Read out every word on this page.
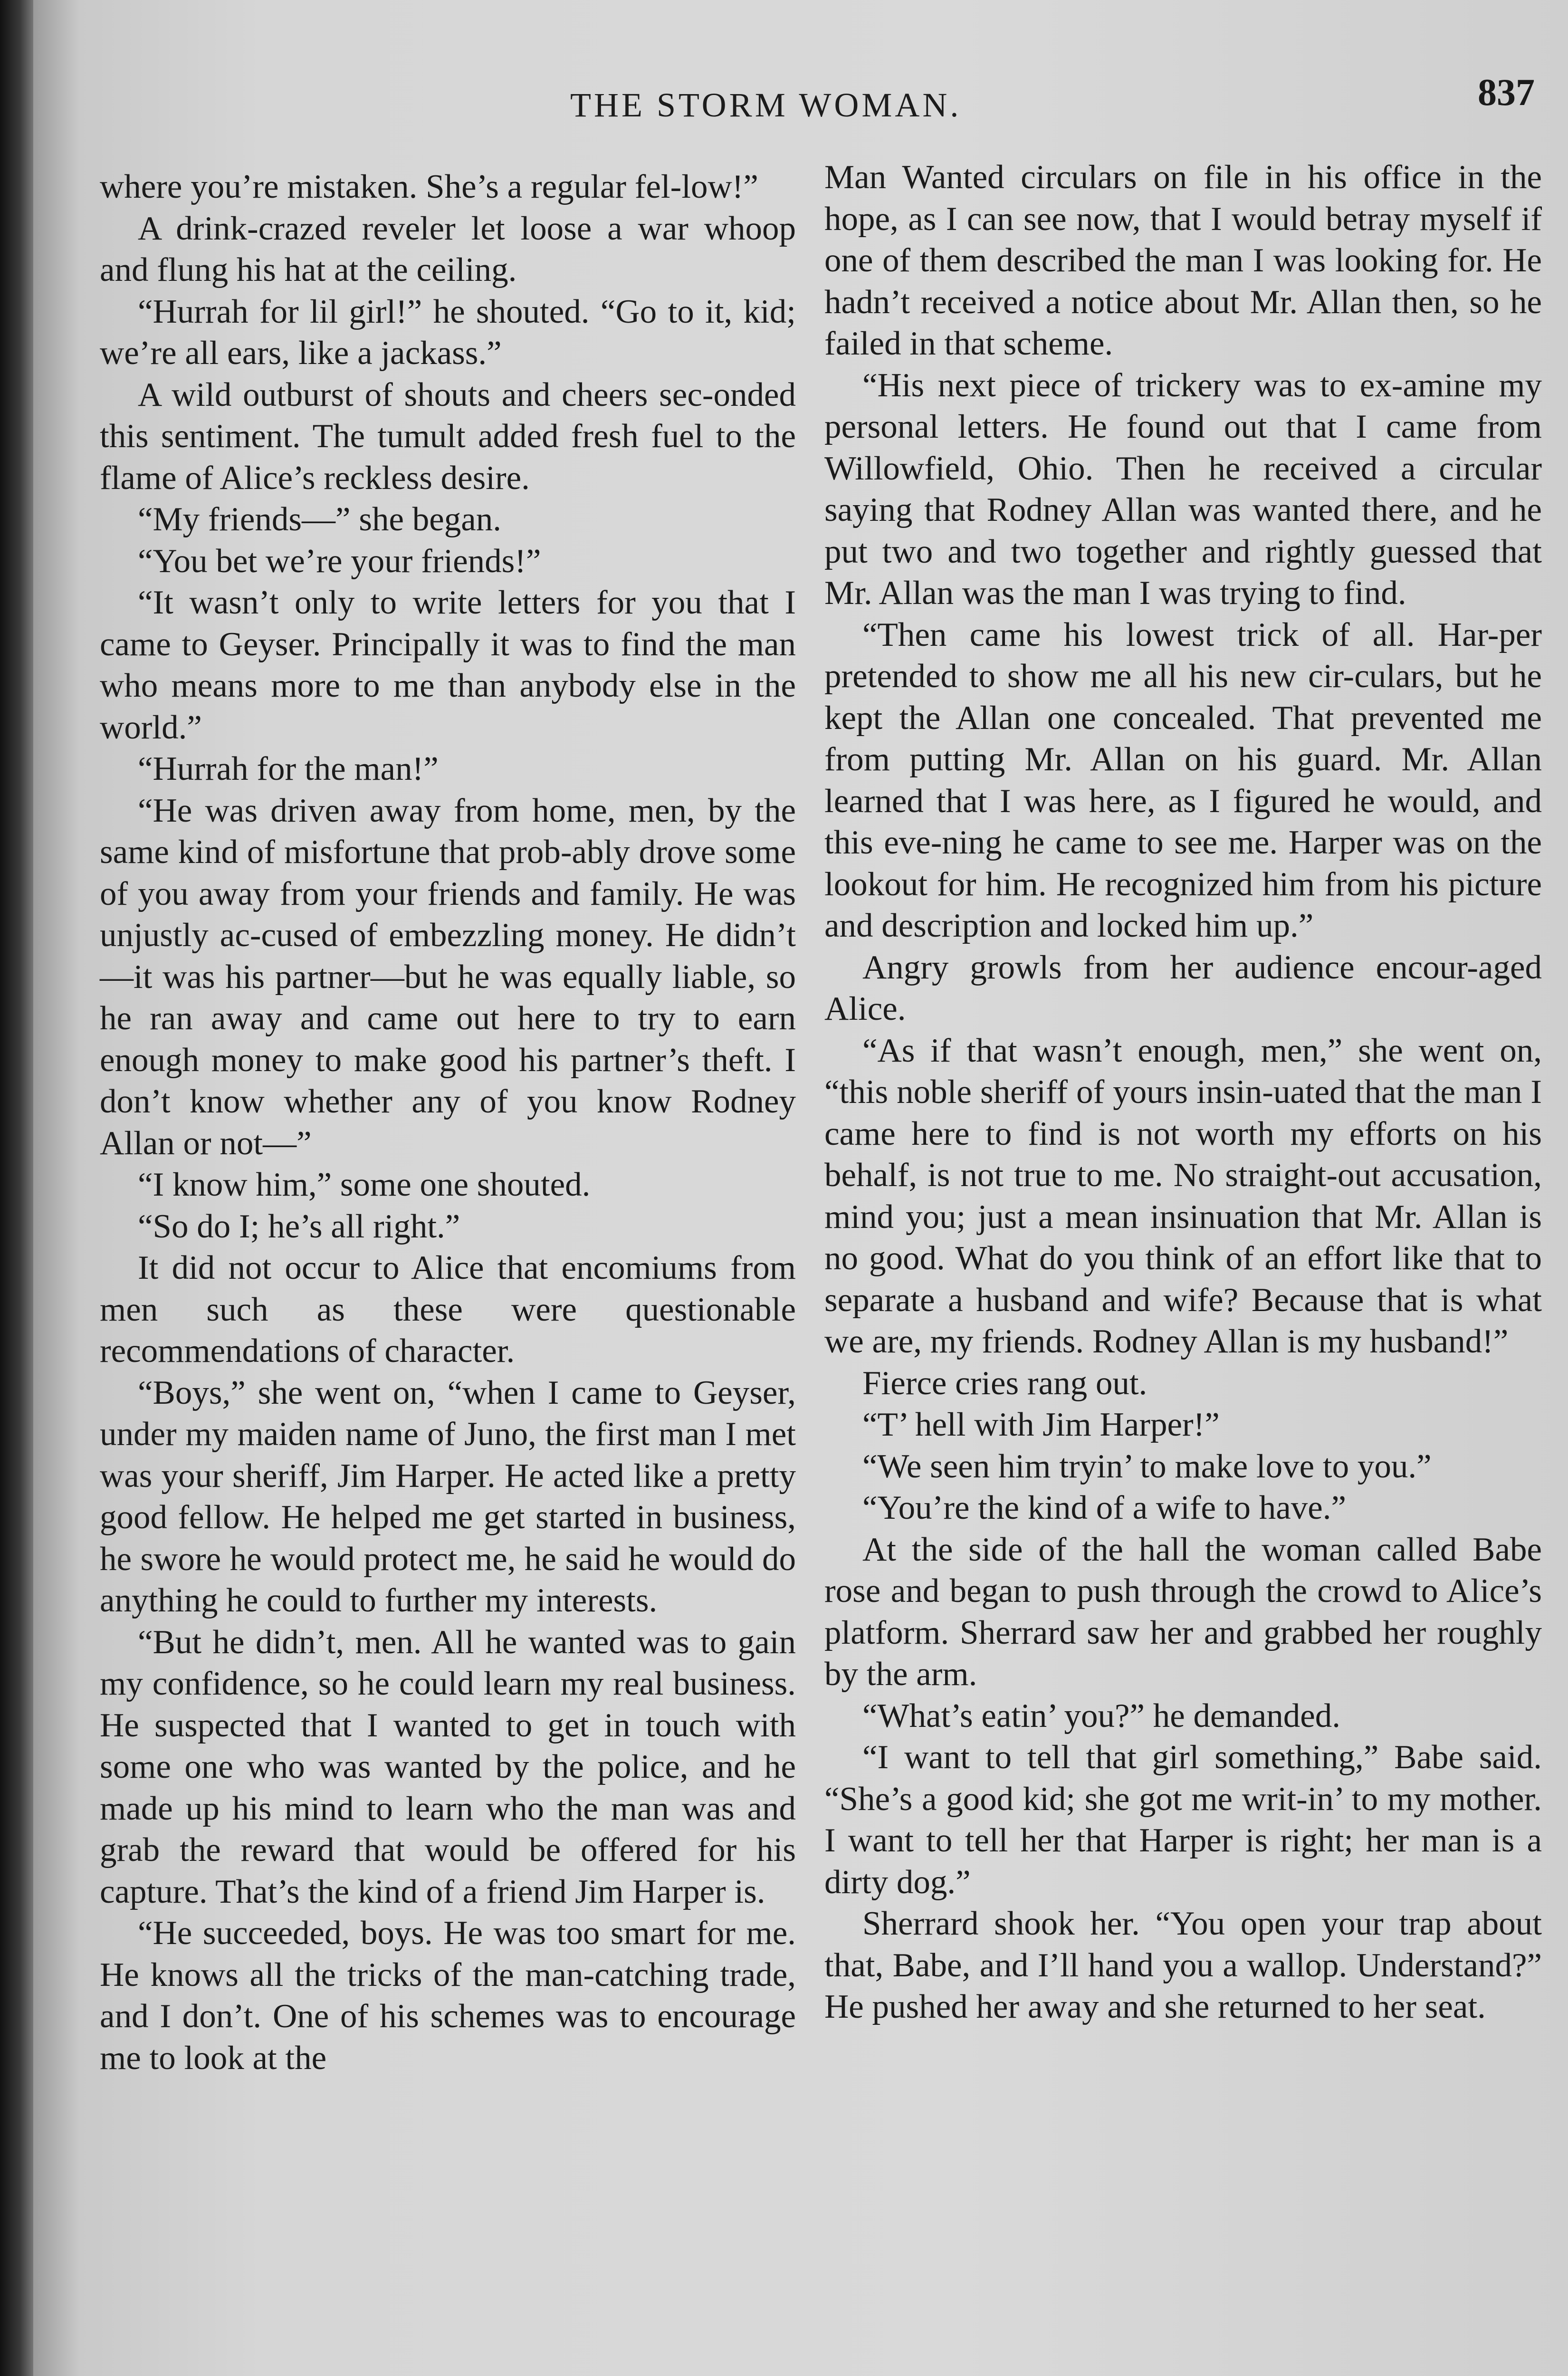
THE STORM WOMAN.	837

where you’re mistaken. She’s a regular fel-low!”

A drink-crazed reveler let loose a war whoop and flung his hat at the ceiling.

“Hurrah for lil girl!” he shouted. “Go to it, kid; we’re all ears, like a jackass.”

A wild outburst of shouts and cheers sec-onded this sentiment. The tumult added fresh fuel to the flame of Alice’s reckless desire.

“My friends—” she began.

“You bet we’re your friends!”

“It wasn’t only to write letters for you that I came to Geyser. Principally it was to find the man who means more to me than anybody else in the world.”

“Hurrah for the man!”

“He was driven away from home, men, by the same kind of misfortune that prob-ably drove some of you away from your friends and family. He was unjustly ac-cused of embezzling money. He didn’t—it was his partner—but he was equally liable, so he ran away and came out here to try to earn enough money to make good his partner’s theft. I don’t know whether any of you know Rodney Allan or not—”

“I know him,” some one shouted.

“So do I; he’s all right.”

It did not occur to Alice that encomiums from men such as these were questionable recommendations of character.

“Boys,” she went on, “when I came to Geyser, under my maiden name of Juno, the first man I met was your sheriff, Jim Harper. He acted like a pretty good fellow. He helped me get started in business, he swore he would protect me, he said he would do anything he could to further my interests.

“But he didn’t, men. All he wanted was to gain my confidence, so he could learn my real business. He suspected that I wanted to get in touch with some one who was wanted by the police, and he made up his mind to learn who the man was and grab the reward that would be offered for his capture. That’s the kind of a friend Jim Harper is.

“He succeeded, boys. He was too smart for me. He knows all the tricks of the man-catching trade, and I don’t. One of his schemes was to encourage me to look at the

Man Wanted circulars on file in his office in the hope, as I can see now, that I would betray myself if one of them described the man I was looking for. He hadn’t received a notice about Mr. Allan then, so he failed in that scheme.

“His next piece of trickery was to ex-amine my personal letters. He found out that I came from Willowfield, Ohio. Then he received a circular saying that Rodney Allan was wanted there, and he put two and two together and rightly guessed that Mr. Allan was the man I was trying to find.

“Then came his lowest trick of all. Har-per pretended to show me all his new cir-culars, but he kept the Allan one concealed. That prevented me from putting Mr. Allan on his guard. Mr. Allan learned that I was here, as I figured he would, and this eve-ning he came to see me. Harper was on the lookout for him. He recognized him from his picture and description and locked him up.”

Angry growls from her audience encour-aged Alice.

“As if that wasn’t enough, men,” she went on, “this noble sheriff of yours insin-uated that the man I came here to find is not worth my efforts on his behalf, is not true to me. No straight-out accusation, mind you; just a mean insinuation that Mr. Allan is no good. What do you think of an effort like that to separate a husband and wife? Because that is what we are, my friends. Rodney Allan is my husband!”

Fierce cries rang out.

“T’ hell with Jim Harper!”

“We seen him tryin’ to make love to you.”

“You’re the kind of a wife to have.”

At the side of the hall the woman called Babe rose and began to push through the crowd to Alice’s platform. Sherrard saw her and grabbed her roughly by the arm.

“What’s eatin’ you?” he demanded.

“I want to tell that girl something,” Babe said. “She’s a good kid; she got me writ-in’ to my mother. I want to tell her that Harper is right; her man is a dirty dog.”

Sherrard shook her. “You open your trap about that, Babe, and I’ll hand you a wallop. Understand?” He pushed her away and she returned to her seat.
